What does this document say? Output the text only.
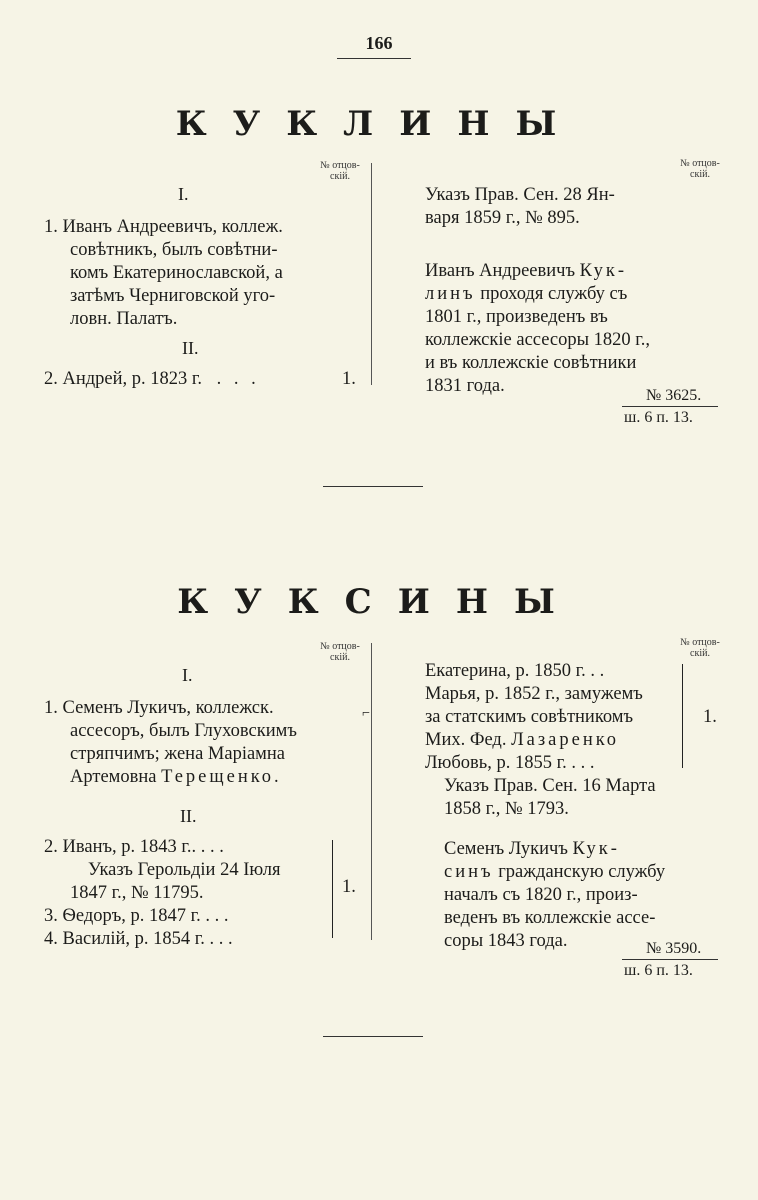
166
КУКЛИНЫ
№ отцов-
скій.
№ отцов-
скій.
I.
1. Иванъ Андреевичъ, коллеж.
совѣтникъ, былъ совѣтни-
комъ Екатеринославской, а
затѣмъ Черниговской уго-
ловн. Палатъ.
II.
2. Андрей, р. 1823 г. . . .	1.
Указъ Прав. Сен. 28 Ян-
варя 1859 г., № 895.
Иванъ Андреевичъ Кук-
линъ проходя службу съ
1801 г., произведенъ въ
коллежскіе ассесоры 1820 г.,
и въ коллежскіе совѣтники
1831 года.	№ 3625.
ш. 6 п. 13.
КУКСИНЫ
№ отцов-
скій.
№ отцов-
скій.
I.
1. Семенъ Лукичъ, коллежск.
ассесоръ, былъ Глуховскимъ
стряпчимъ; жена Маріамна
Артемовна Терещенко.
⌐
II.
2. Иванъ, р. 1843 г.. . . .
Указъ Герольдіи 24 Іюля
1847 г., № 11795.
3. Ѳедоръ, р. 1847 г. . . .
4. Василій, р. 1854 г. . . .
1.
Екатерина, р. 1850 г. . .
Марья, р. 1852 г., замужемъ
за статскимъ совѣтникомъ
Мих. Фед. Лазаренко
Любовь, р. 1855 г. . . .
1.
Указъ Прав. Сен. 16 Марта
1858 г., № 1793.
Семенъ Лукичъ Кук-
синъ гражданскую службу
началъ съ 1820 г., произ-
веденъ въ коллежскіе ассе-
соры 1843 года.	№ 3590.
ш. 6 п. 13.
